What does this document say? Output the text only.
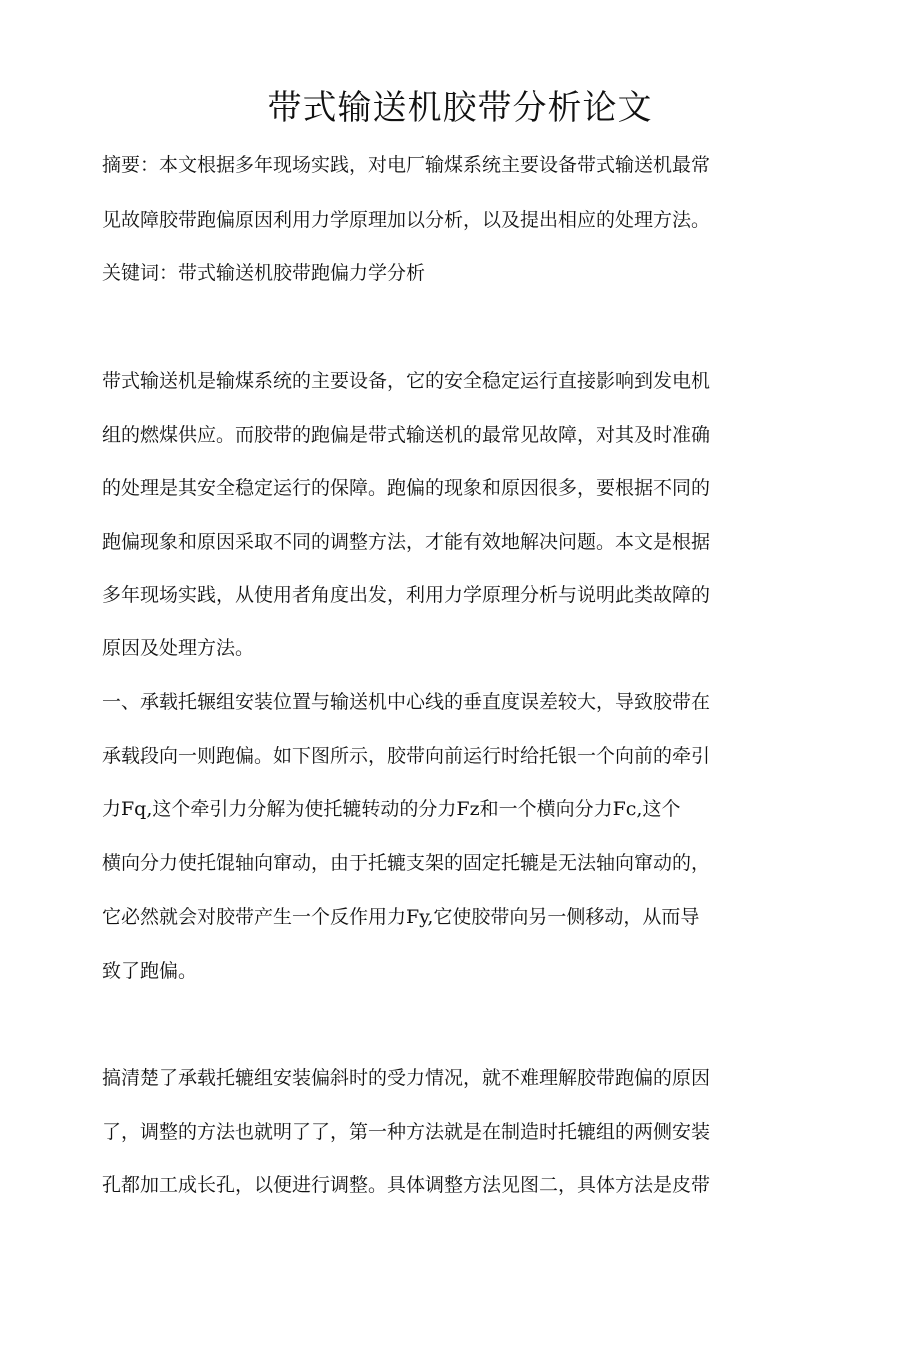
带式输送机胶带分析论文
摘要：本文根据多年现场实践，对电厂输煤系统主要设备带式输送机最常
见故障胶带跑偏原因利用力学原理加以分析，以及提出相应的处理方法。
关键词：带式输送机胶带跑偏力学分析
带式输送机是输煤系统的主要设备，它的安全稳定运行直接影响到发电机
组的燃煤供应。而胶带的跑偏是带式输送机的最常见故障，对其及时准确
的处理是其安全稳定运行的保障。跑偏的现象和原因很多，要根据不同的
跑偏现象和原因采取不同的调整方法，才能有效地解决问题。本文是根据
多年现场实践，从使用者角度出发，利用力学原理分析与说明此类故障的
原因及处理方法。
一、承载托辗组安装位置与输送机中心线的垂直度误差较大，导致胶带在
承载段向一则跑偏。如下图所示，胶带向前运行时给托银一个向前的牵引
力Fq,这个牵引力分解为使托辘转动的分力Fz和一个横向分力Fc,这个
横向分力使托馄轴向窜动，由于托辘支架的固定托辘是无法轴向窜动的，
它必然就会对胶带产生一个反作用力Fy,它使胶带向另一侧移动，从而导
致了跑偏。
搞清楚了承载托辘组安装偏斜时的受力情况，就不难理解胶带跑偏的原因
了，调整的方法也就明了了，第一种方法就是在制造时托辘组的两侧安装
孔都加工成长孔，以便进行调整。具体调整方法见图二，具体方法是皮带
